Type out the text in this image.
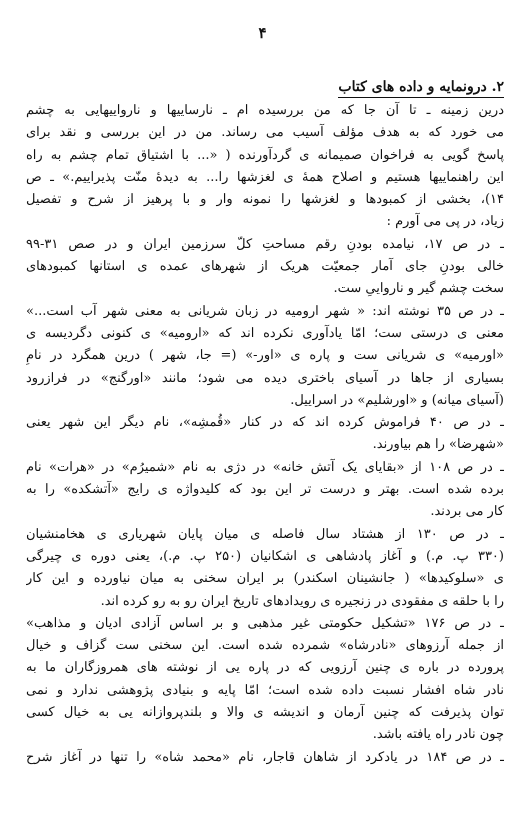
۴
۲. درونمایه و داده های کتاب
درین زمینه ـ تا آن جا که من بررسیده ام ـ نارساییها و نارواییهایی به چشم
می خورد که به هدف مؤلف آسیب می رساند. من در این بررسی و نقد برای
پاسخ گویی به فراخوان صمیمانه ی گردآورنده ( «... با اشتیاق تمام چشم به راه
این راهنماییها هستیم و اصلاح همهٔ ی لغزشها را... به دیدهٔ منّت پذیراییم.» ـ ص
۱۴)، بخشی از کمبودها و لغزشها را نمونه وار و با پرهیز از شرح و تفصیل
زیاد، در پی می آورم :
ـ در ص ۱۷، نیامده بودنِ رقم مساحتِ کلّ سرزمین ایران و در صص ۳۱-۹۹
خالی بودنِ جای آمار جمعیّت هریک از شهرهای عمده ی استانها کمبودهای
سخت چشم گیر و نارواییِ ست.
ـ در ص ۳۵ نوشته اند: « شهر ارومیه در زبان شریانی به معنی شهر آب است...»
معنی ی درستی ست؛ امّا یادآوری نکرده اند که «ارومیه» ی کنونی دگردیسه ی
«اورمیه» ی شریانی ست و پاره ی «اور-» (= جا، شهر ) درین همگرد در نامِ
بسیاری از جاها در آسیای باختری دیده می شود؛ مانند «اورگنج» در فرازرود
(آسیای میانه) و «اورشلیم» در اسراییل.
ـ در ص ۴۰ فراموش کرده اند که در کنار «قُمشِه»، نام دیگر این شهر یعنی
«شهرضا» را هم بیاورند.
ـ در ص ۱۰۸ از «بقایای یک آتش خانه» در دژی به نام «شمیرُم» در «هرات» نام
برده شده است. بهتر و درست تر این بود که کلیدواژه ی رایج «آتشکده» را به
کار می بردند.
ـ در ص ۱۳۰ از هشتاد سال فاصله ی میان پایان شهریاری ی هخامنشیان
(۳۳۰ پ. م.) و آغاز پادشاهی ی اشکانیان (۲۵۰ پ. م.)، یعنی دوره ی چیرگی
ی «سلوکیدها» ( جانشینان اسکندر) بر ایران سخنی به میان نیاورده و این کار
را با حلقه ی مفقودی در زنجیره ی رویدادهای تاریخ ایران رو به رو کرده اند.
ـ در ص ۱۷۶ «تشکیل حکومتی غیر مذهبی و بر اساس آزادی ادیان و مذاهب»
از جمله آرزوهای «نادرشاه» شمرده شده است. این سخنی ست گزاف و خیال
پرورده در باره ی چنین آرزویی که در پاره یی از نوشته های همروزگاران ما به
نادر شاه افشار نسبت داده شده است؛ امّا پایه و بنیادی پژوهشی ندارد و نمی
توان پذیرفت که چنین آرمان و اندیشه ی والا و بلندپروازانه یی به خیال کسی
چون نادر راه یافته باشد.
ـ در ص ۱۸۴ در یادکرد از شاهان قاجار، نام «محمد شاه» را تنها در آغاز شرح
